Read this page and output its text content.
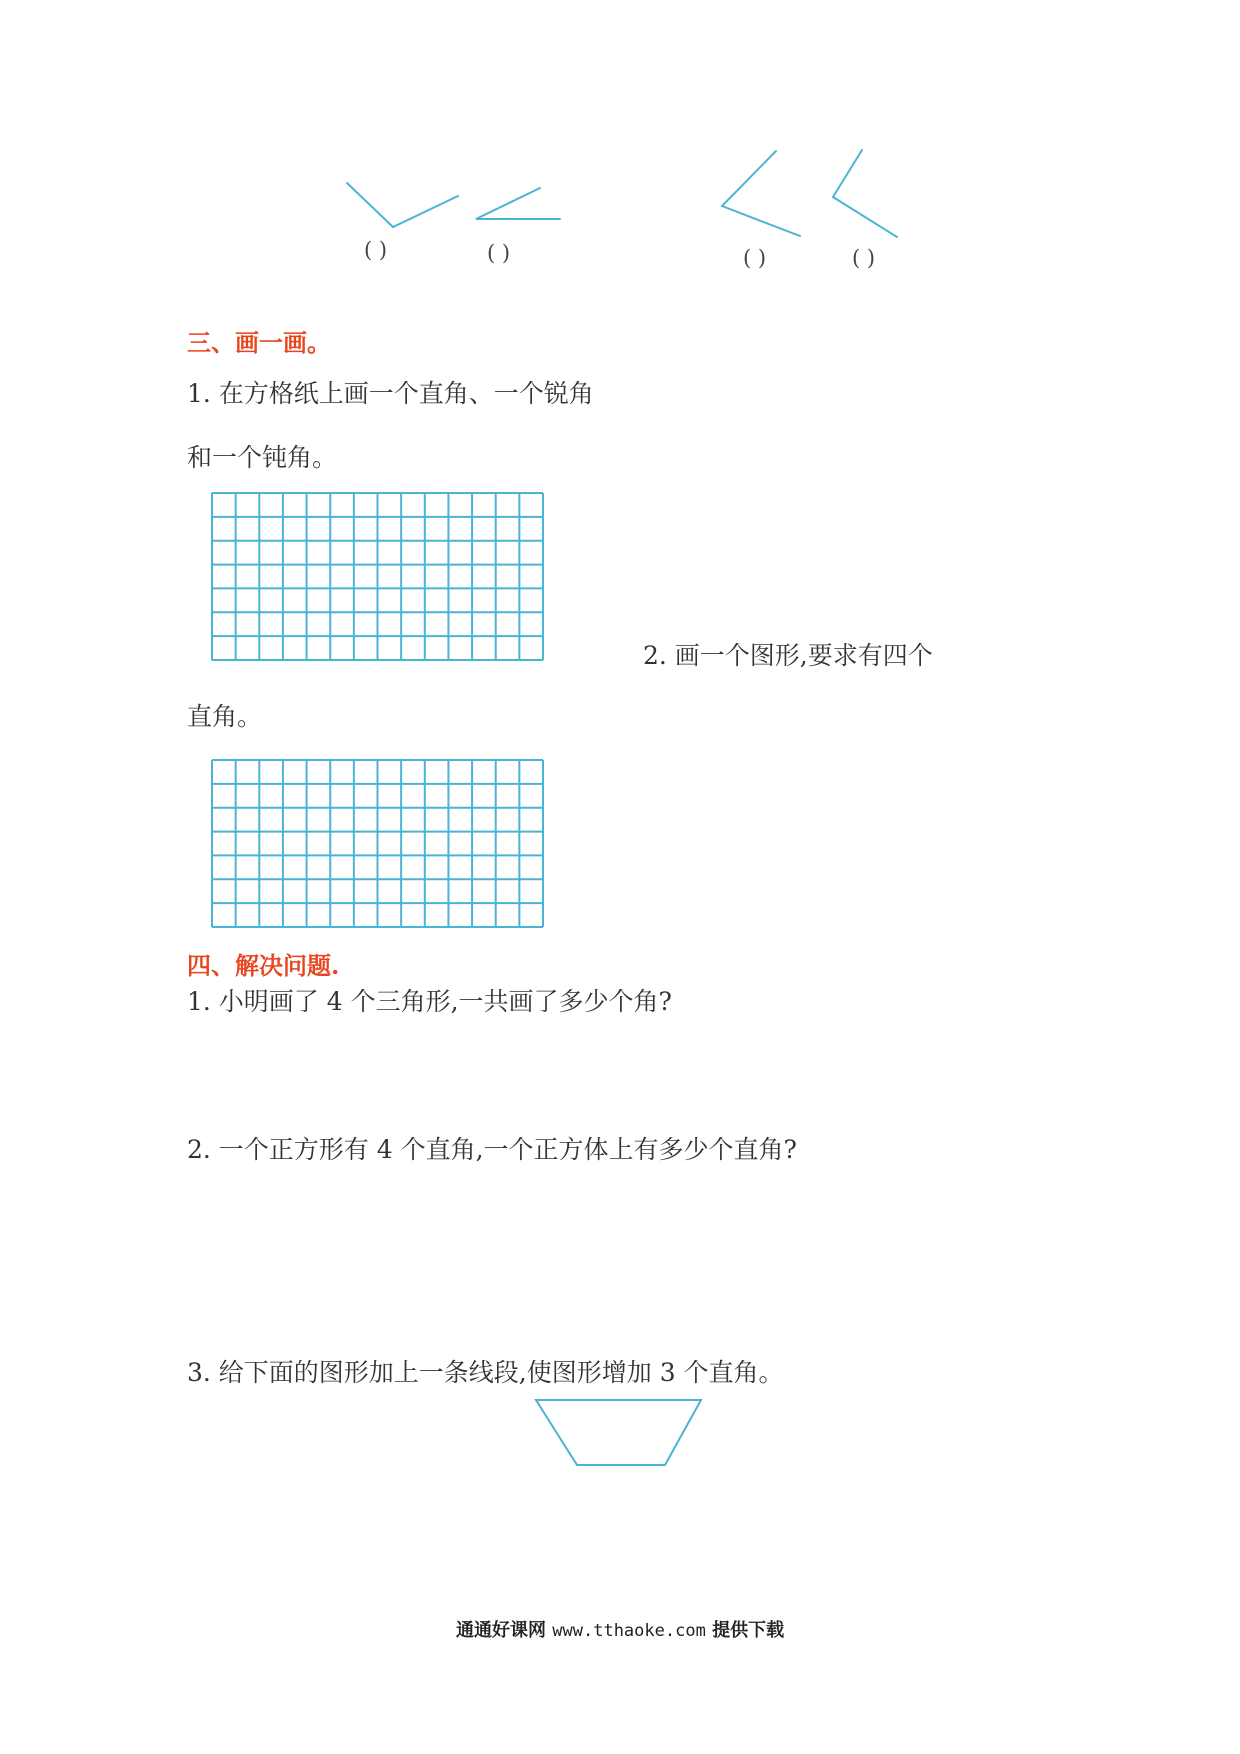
( )	( )	( )	( )
三、画一画。
1. 在方格纸上画一个直角、一个锐角
和一个钝角。
2. 画一个图形,要求有四个
直角。
四、解决问题.
1. 小明画了 4 个三角形,一共画了多少个角?
2. 一个正方形有 4 个直角,一个正方体上有多少个直角?
3. 给下面的图形加上一条线段,使图形增加 3 个直角。
通通好课网 www.tthaoke.com 提供下载
